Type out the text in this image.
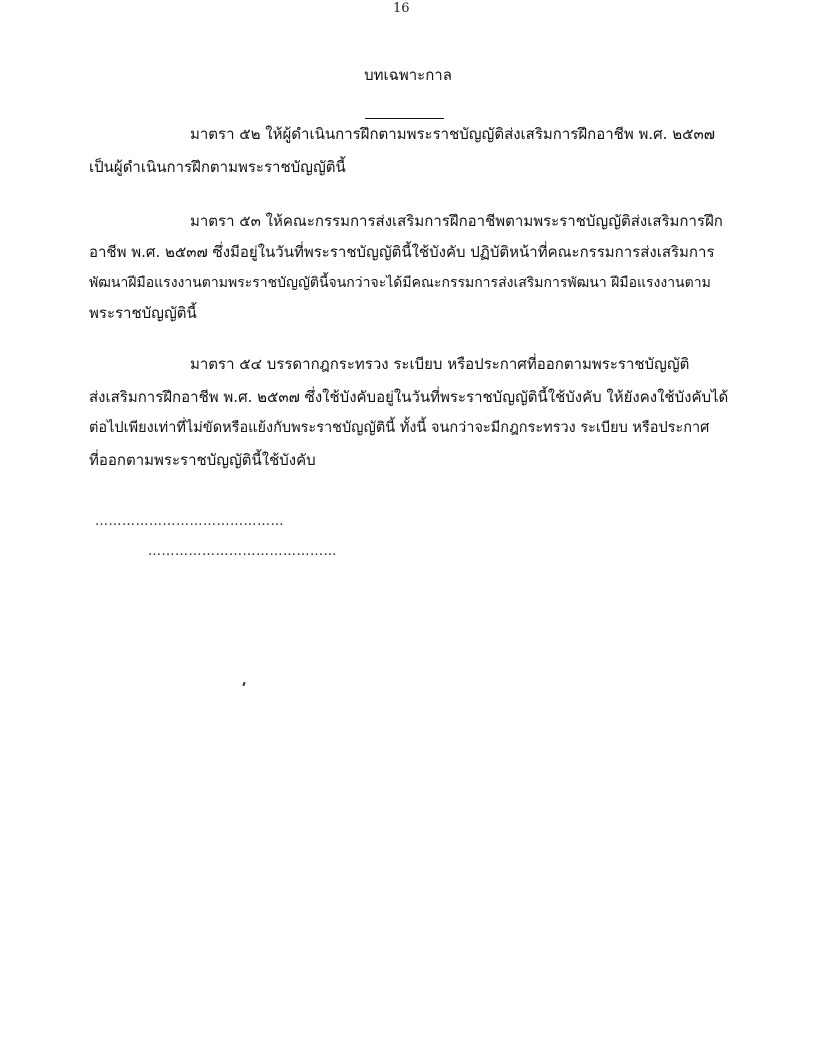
16
บทเฉพาะกาล
มาตรา ๕๒ ให้ผู้ดำเนินการฝึกตามพระราชบัญญัติส่งเสริมการฝึกอาชีพ พ.ศ. ๒๕๓๗
เป็นผู้ดำเนินการฝึกตามพระราชบัญญัตินี้
มาตรา ๕๓ ให้คณะกรรมการส่งเสริมการฝึกอาชีพตามพระราชบัญญัติส่งเสริมการฝึก
อาชีพ พ.ศ. ๒๕๓๗ ซึ่งมีอยู่ในวันที่พระราชบัญญัตินี้ใช้บังคับ ปฏิบัติหน้าที่คณะกรรมการส่งเสริมการ
พัฒนาฝีมือแรงงานตามพระราชบัญญัตินี้จนกว่าจะได้มีคณะกรรมการส่งเสริมการพัฒนา ฝีมือแรงงานตาม
พระราชบัญญัตินี้
มาตรา ๕๔ บรรดากฎกระทรวง ระเบียบ หรือประกาศที่ออกตามพระราชบัญญัติ
ส่งเสริมการฝึกอาชีพ พ.ศ. ๒๕๓๗ ซึ่งใช้บังคับอยู่ในวันที่พระราชบัญญัตินี้ใช้บังคับ ให้ยังคงใช้บังคับได้
ต่อไปเพียงเท่าที่ไม่ขัดหรือแย้งกับพระราชบัญญัตินี้ ทั้งนี้ จนกว่าจะมีกฎกระทรวง ระเบียบ หรือประกาศ
ที่ออกตามพระราชบัญญัตินี้ใช้บังคับ
……………………………………
……………………………………
